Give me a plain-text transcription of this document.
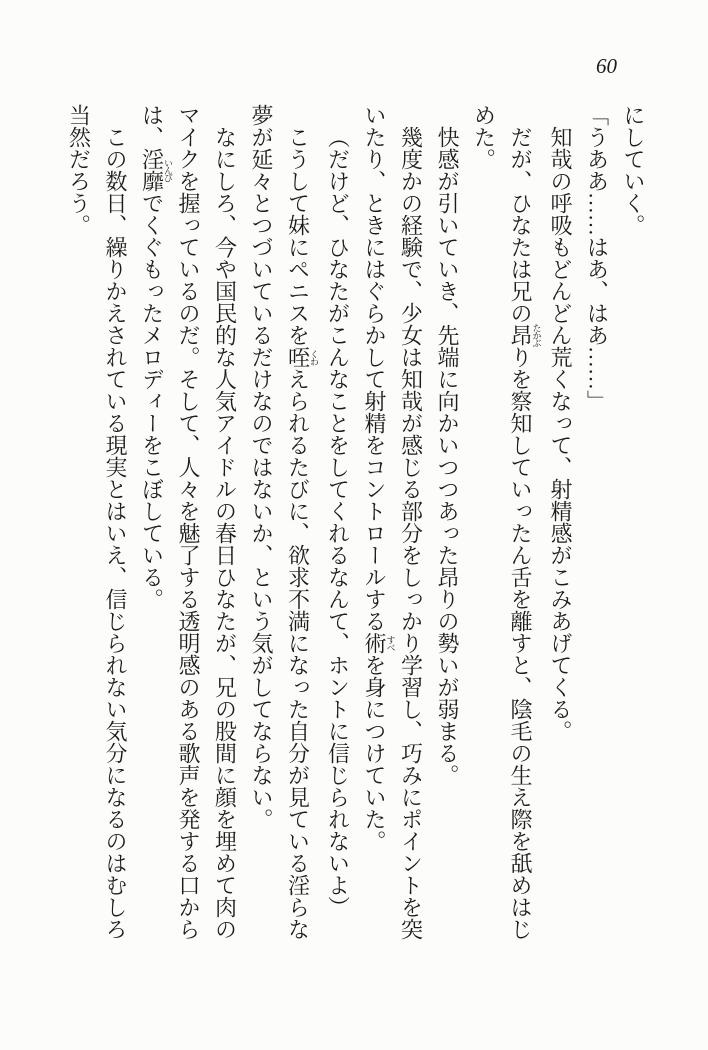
60

にしていく。

「うああ……はあ、はあ……」

知哉の呼吸もどんどん荒くなって、射精感がこみあげてくる。

だが、ひなたは兄の昂たかぶりを察知していったん舌を離すと、陰毛の生え際を舐めはじめた。

快感が引いていき、先端に向かいつつあった昂りの勢いが弱まる。

幾度かの経験で、少女は知哉が感じる部分をしっかり学習し、巧みにポイントを突いたり、ときにはぐらかして射精をコントロールする術すべを身につけていた。

（だけど、ひなたがこんなことをしてくれるなんて、ホントに信じられないよ）

こうして妹にペニスを咥くわえられるたびに、欲求不満になった自分が見ている淫らな夢が延々とつづいているだけなのではないか、という気がしてならない。

なにしろ、今や国民的な人気アイドルの春日ひなたが、兄の股間に顔を埋めて肉のマイクを握っているのだ。そして、人々を魅了する透明感のある歌声を発する口からは、淫靡いんびでくぐもったメロディーをこぼしている。

この数日、繰りかえされている現実とはいえ、信じられない気分になるのはむしろ当然だろう。
